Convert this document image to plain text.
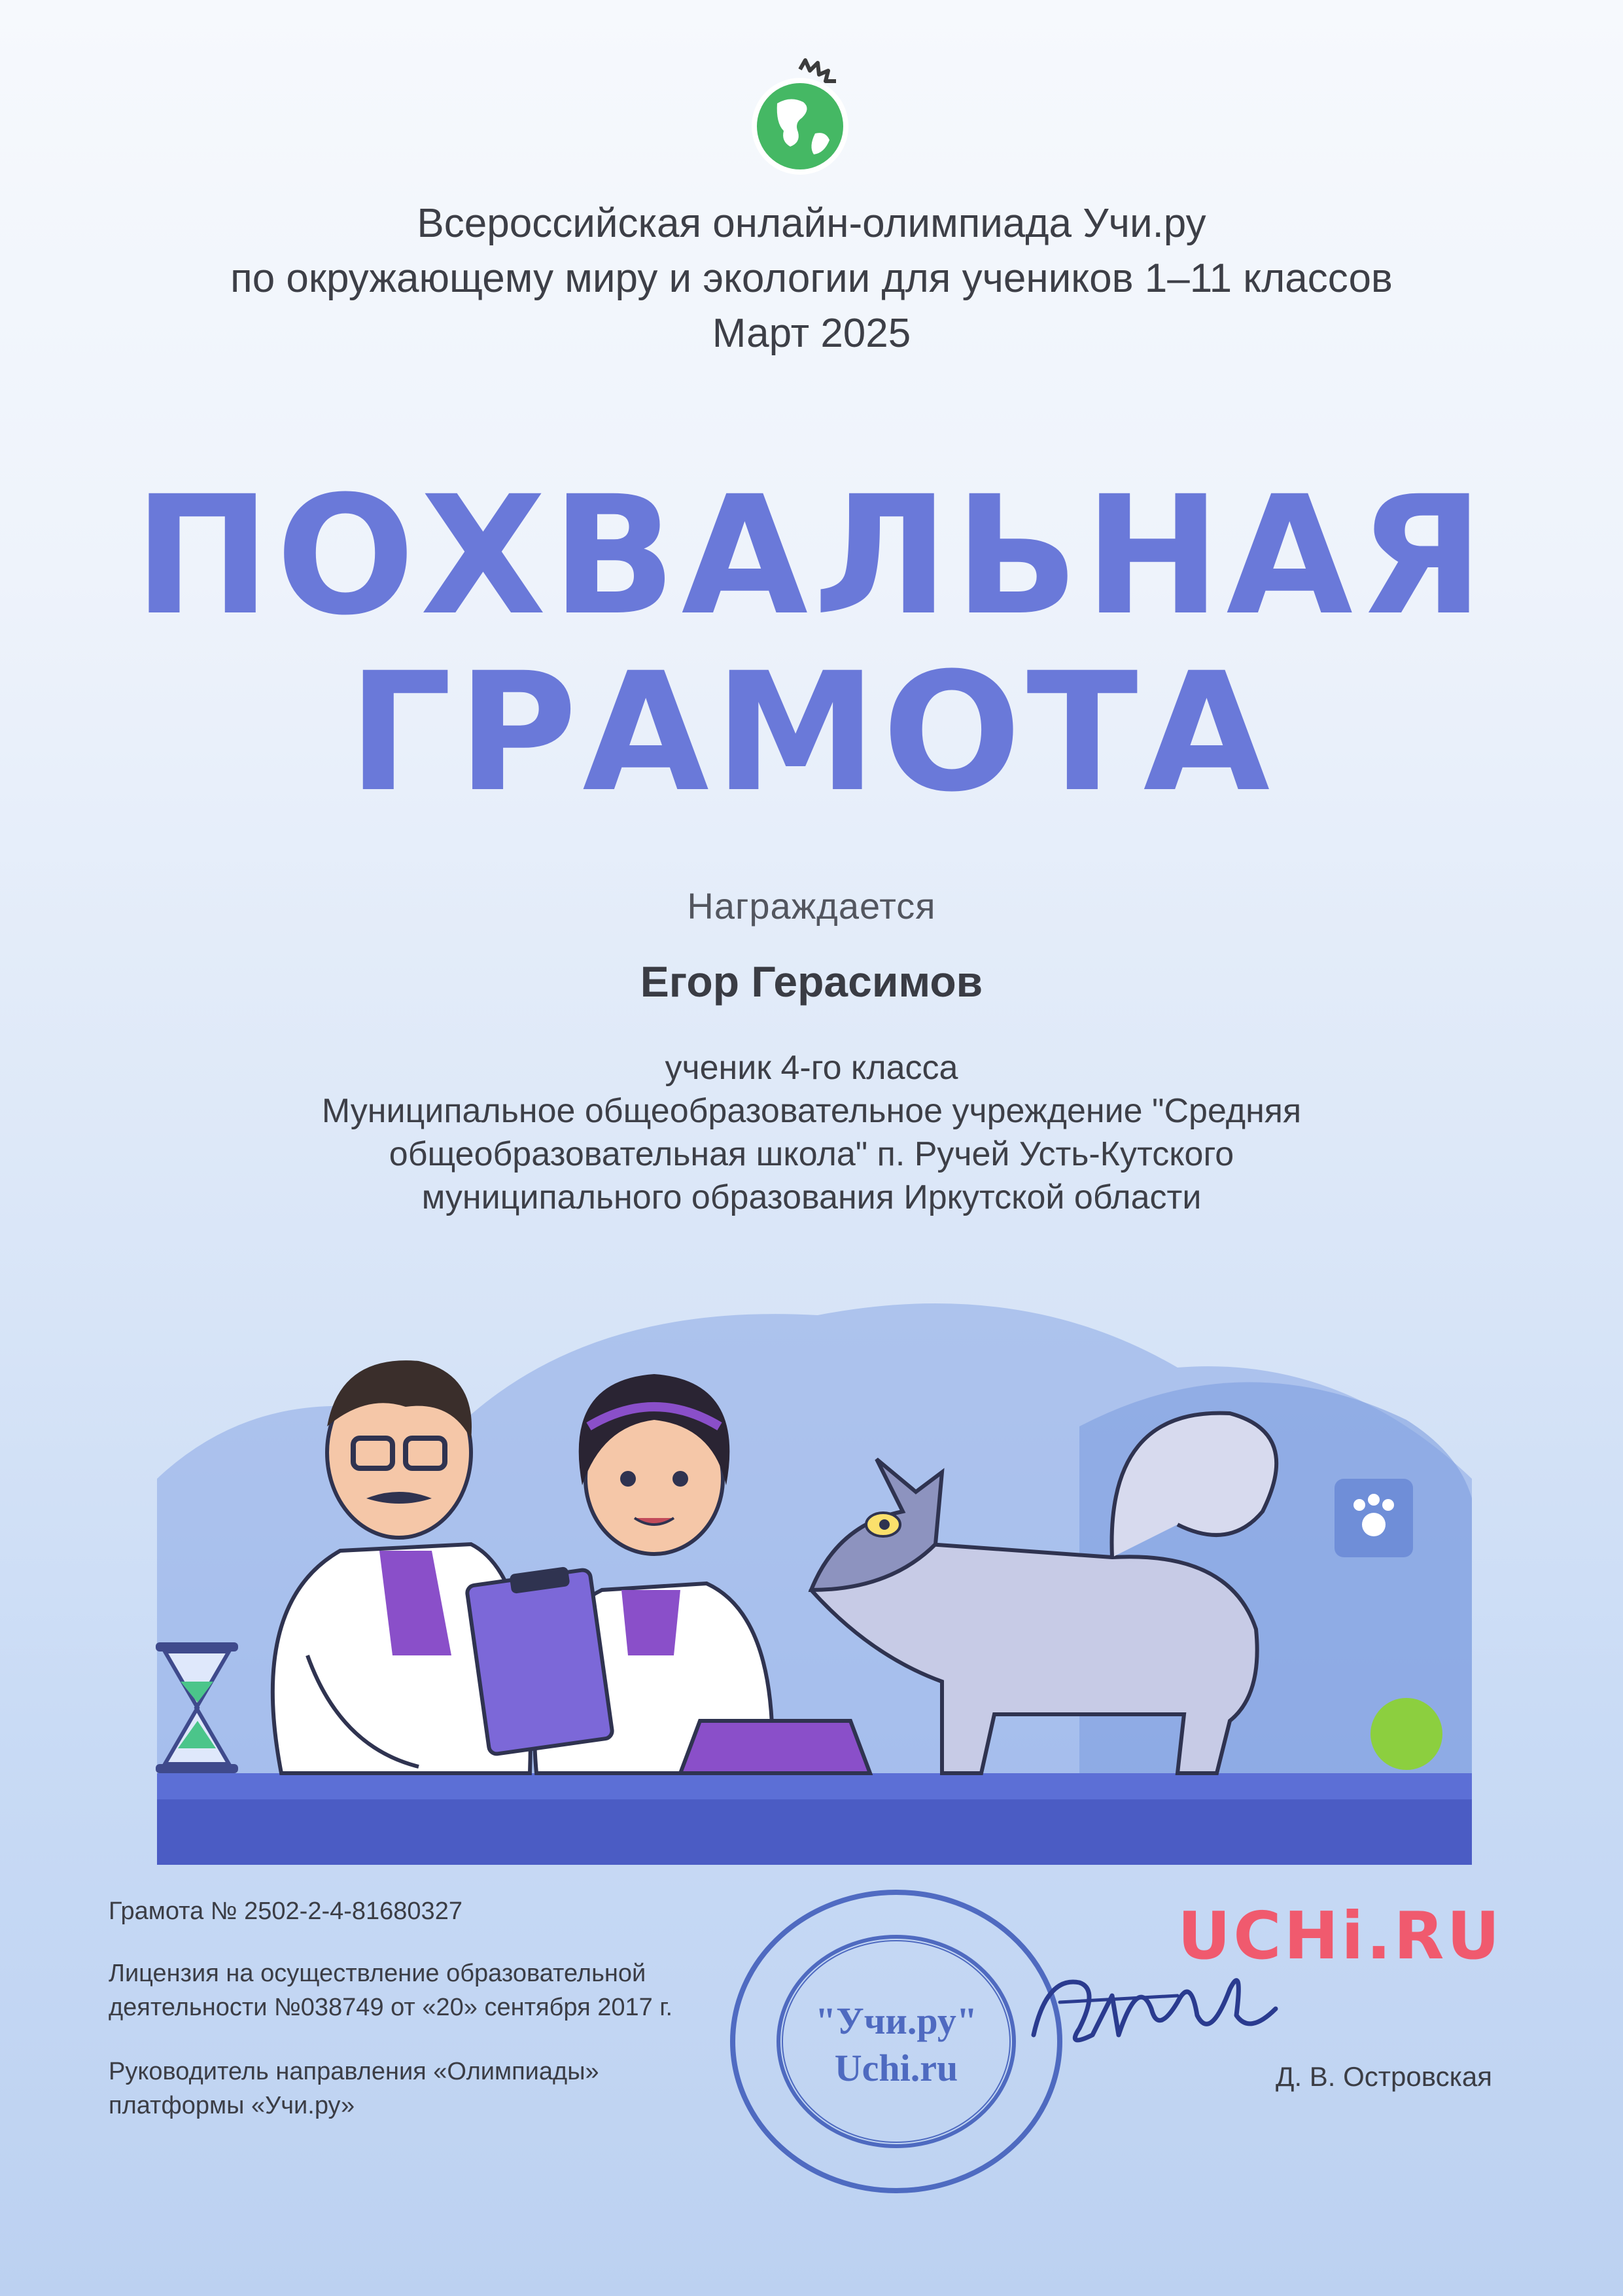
Всероссийская онлайн-олимпиада Учи.ру
по окружающему миру и экологии для учеников 1–11 классов
Март 2025
ПОХВАЛЬНАЯ
ГРАМОТА
Награждается
Егор Герасимов
ученик 4-го класса
Муниципальное общеобразовательное учреждение "Средняя
общеобразовательная школа" п. Ручей Усть-Кутского
муниципального образования Иркутской области
Грамота № 2502-2-4-81680327
Лицензия на осуществление образовательной
деятельности №038749 от «20» сентября 2017 г.
Руководитель направления «Олимпиады»
платформы «Учи.ру»
"Учи.ру"
Uchi.ru
UCHi.RU
Д. В. Островская
